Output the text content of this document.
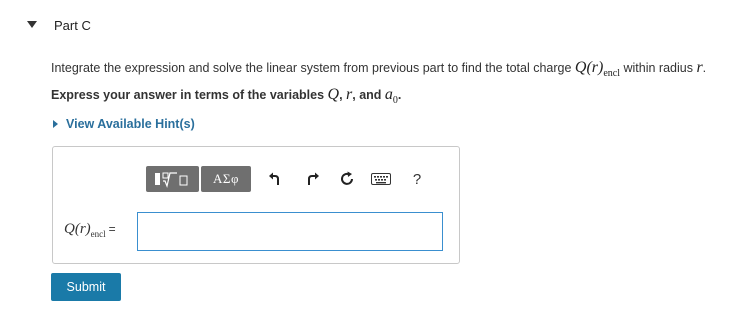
Part C
Integrate the expression and solve the linear system from previous part to find the total charge $Q(r)_{encl}$ within radius r.
Express your answer in terms of the variables Q, r, and $a_0$.
View Available Hint(s)
ΑΣφ	?
$Q(r)_{encl}$ =
Submit
